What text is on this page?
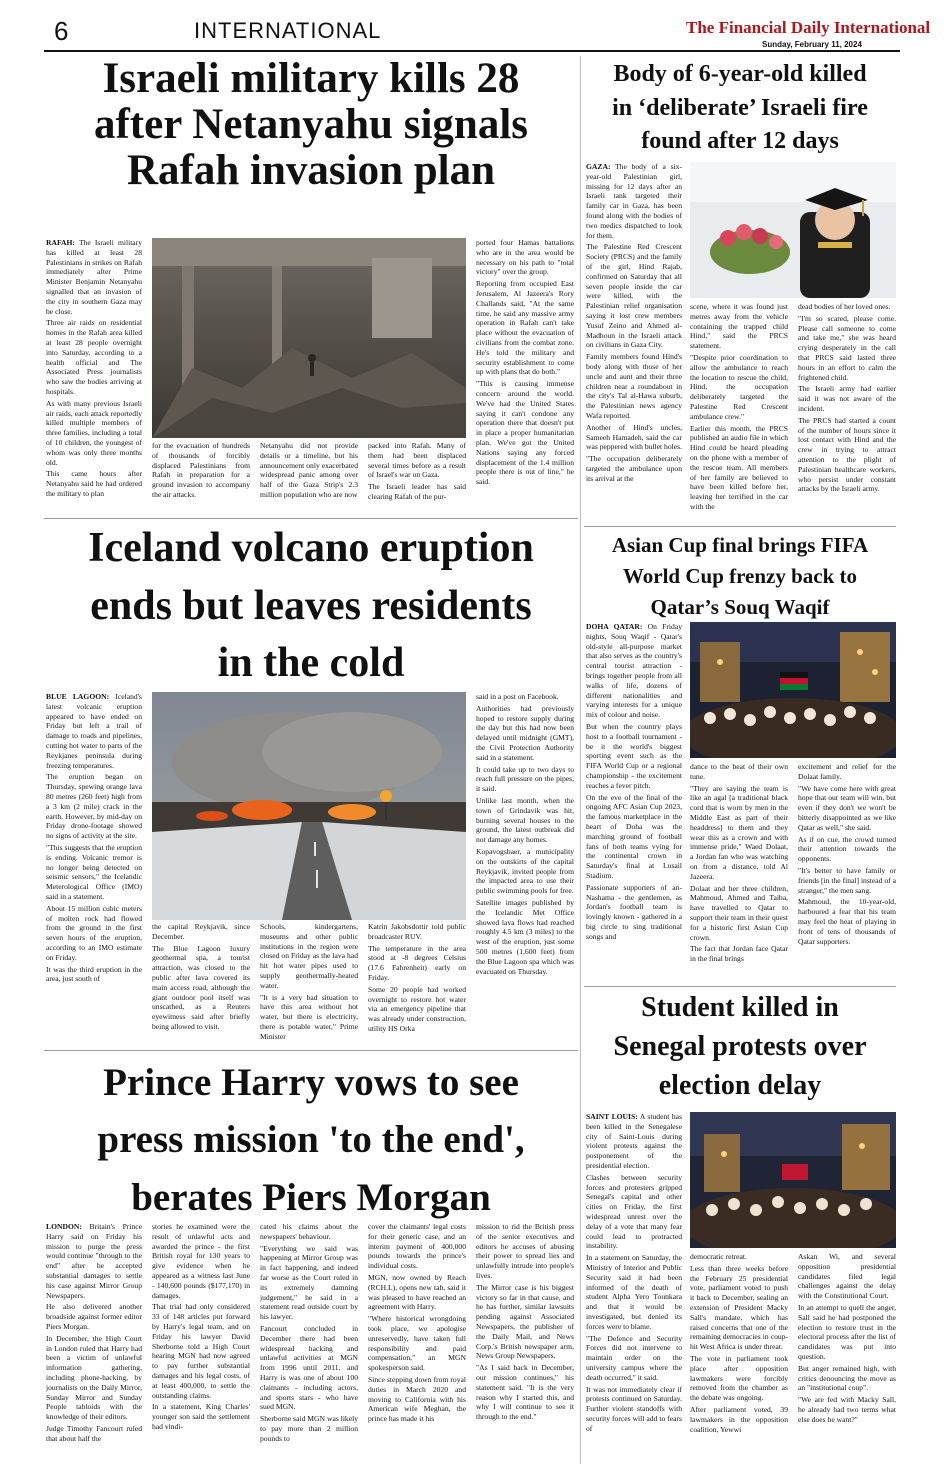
6	INTERNATIONAL	The Financial Daily International
Sunday, February 11, 2024
Israeli military kills 28
after Netanyahu signals
Rafah invasion plan

RAFAH: The Israeli military has killed at least 28 Palestinians in strikes on Rafah immediately after Prime Minister Benjamin Netanyahu signalled that an invasion of the city in southern Gaza may be close.

Three air raids on residential homes in the Rafah area killed at least 28 people overnight into Saturday, according to a health official and The Associated Press journalists who saw the bodies arriving at hospitals.

As with many previous Israeli air raids, each attack reportedly killed multiple members of three families, including a total of 10 children, the youngest of whom was only three months old.

This came hours after Netanyahu said he had ordered the military to plan

for the evacuation of hundreds of thousands of forcibly displaced Palestinians from Rafah in preparation for a ground invasion to accompany the air attacks.

Netanyahu did not provide details or a timeline, but his announcement only exacerbated widespread panic among over half of the Gaza Strip's 2.3 million population who are now

packed into Rafah. Many of them had been displaced several times before as a result of Israel's war on Gaza.

The Israeli leader has said clearing Rafah of the pur-

ported four Hamas battalions who are in the area would be necessary on his path to "total victory" over the group.

Reporting from occupied East Jerusalem, Al Jazeera's Rory Challands said, "At the same time, he said any massive army operation in Rafah can't take place without the evacuation of civilians from the combat zone. He's told the military and security establishment to come up with plans that do both."

"This is causing immense concern around the world. We've had the United States saying it can't condone any operation there that doesn't put in place a proper humanitarian plan. We've got the United Nations saying any forced displacement of the 1.4 million people there is out of line," he said.

Body of 6-year-old killed
in ‘deliberate’ Israeli fire
found after 12 days

GAZA: The body of a six-year-old Palestinian girl, missing for 12 days after an Israeli tank targeted their family car in Gaza, has been found along with the bodies of two medics dispatched to look for them.

The Palestine Red Crescent Society (PRCS) and the family of the girl, Hind Rajab, confirmed on Saturday that all seven people inside the car were killed, with the Palestinian relief organisation saying it lost crew members Yusuf Zeino and Ahmed al-Madhoun in the Israeli attack on civilians in Gaza City.

Family members found Hind's body along with those of her uncle and aunt and their three children near a roundabout in the city's Tal al-Hawa suburb, the Palestinian news agency Wafa reported.

Another of Hind's uncles, Sameeh Hamadeh, said the car was peppered with bullet holes.

"The occupation deliberately targeted the ambulance upon its arrival at the

scene, where it was found just metres away from the vehicle containing the trapped child Hind," said the PRCS statement.

"Despite prior coordination to allow the ambulance to reach the location to rescue the child, Hind, the occupation deliberately targeted the Palestine Red Crescent ambulance crew."

Earlier this month, the PRCS published an audio file in which Hind could be heard pleading on the phone with a member of the rescue team. All members of her family are believed to have been killed before her, leaving her terrified in the car with the

dead bodies of her loved ones.

"I'm so scared, please come. Please call someone to come and take me," she was heard crying desperately in the call that PRCS said lasted three hours in an effort to calm the frightened child.

The Israeli army had earlier said it was not aware of the incident.

The PRCS had started a count of the number of hours since it lost contact with Hind and the crew in trying to attract attention to the plight of Palestinian healthcare workers, who persist under constant attacks by the Israeli army.

Iceland volcano eruption
ends but leaves residents
in the cold

BLUE LAGOON: Iceland's latest volcanic eruption appeared to have ended on Friday but left a trail of damage to roads and pipelines, cutting hot water to parts of the Reykjanes peninsula during freezing temperatures.

The eruption began on Thursday, spewing orange lava 80 metres (260 feet) high from a 3 km (2 mile) crack in the earth. However, by mid-day on Friday drone-footage showed no signs of activity at the site.

"This suggests that the eruption is ending. Volcanic tremor is no longer being detected on seismic sensors," the Icelandic Meterological Office (IMO) said in a statement.

About 15 million cubic meters of molten rock had flowed from the ground in the first seven hours of the eruption, according to an IMO estimate on Friday.

It was the third eruption in the area, just south of

the capital Reykjavik, since December.

The Blue Lagoon luxury geothermal spa, a tourist attraction, was closed to the public after lava covered its main access road, although the giant outdoor pool itself was unscathed, as a Reuters eyewitness said after briefly being allowed to visit.

Schools, kindergartens, museums and other public institutions in the region were closed on Friday as the lava had hit hot water pipes used to supply geothermally-heated water.

"It is a very bad situation to have this area without hot water, but there is electricity, there is potable water," Prime Minister

Katrin Jakobsdottir told public broadcaster RUV.

The temperature in the area stood at -8 degrees Celsius (17.6 Fahrenheit) early on Friday.

Some 20 people had worked overnight to restore hot water via an emergency pipeline that was already under construction, utility HS Orka

said in a post on Facebook.

Authorities had previously hoped to restore supply during the day but this had now been delayed until midnight (GMT), the Civil Protection Authority said in a statement.

It could take up to two days to reach full pressure on the pipes, it said.

Unlike last month, when the town of Grindavik was hit, burning several houses to the ground, the latest outbreak did not damage any homes.

Kopavogsbaer, a municipality on the outskirts of the capital Reykjavik, invited people from the impacted area to use their public swimming pools for free.

Satellite images published by the Icelandic Met Office showed lava flows had reached roughly 4.5 km (3 miles) to the west of the eruption, just some 500 metres (1,600 feet) from the Blue Lagoon spa which was evacuated on Thursday.

Asian Cup final brings FIFA
World Cup frenzy back to
Qatar’s Souq Waqif

DOHA QATAR: On Friday nights, Souq Waqif - Qatar's old-style all-purpose market that also serves as the country's central tourist attraction - brings together people from all walks of life, dozens of different nationalities and varying interests for a unique mix of colour and noise.

But when the country plays host to a football tournament - be it the world's biggest sporting event such as the FIFA World Cup or a regional championship - the excitement reaches a fever pitch.

On the eve of the final of the ongoing AFC Asian Cup 2023, the famous marketplace in the heart of Doha was the marching ground of football fans of both teams vying for the continental crown in Saturday's final at Lusail Stadium.

Passionate supporters of an-Nashama - the gentlemen, as Jordan's football team is lovingly known - gathered in a big circle to sing traditional songs and

dance to the beat of their own tune.

"They are saying the team is like an agal [a traditional black cord that is worn by men in the Middle East as part of their headdress] to them and they wear this as a crown and with immense pride," Waed Dolaat, a Jordan fan who was watching on from a distance, told Al Jazeera.

Dolaat and her three children, Mahmoud, Ahmed and Taiba, have travelled to Qatar to support their team in their quest for a historic first Asian Cup crown.

The fact that Jordan face Qatar in the final brings

excitement and relief for the Dolaat family.

"We have come here with great hope that our team will win, but even if they don't we won't be bitterly disappointed as we like Qatar as well," she said.

As if on cue, the crowd turned their attention towards the opponents.

"It's better to have family or friends [in the final] instead of a stranger," the men sang.

Mahmoud, the 10-year-old, harboured a fear that his team may feel the heat of playing in front of tens of thousands of Qatar supporters.

Prince Harry vows to see
press mission 'to the end',
berates Piers Morgan

LONDON: Britain's Prince Harry said on Friday his mission to purge the press would continue "through to the end" after he accepted substantial damages to settle his case against Mirror Group Newspapers.

He also delivered another broadside against former editor Piers Morgan.

In December, the High Court in London ruled that Harry had been a victim of unlawful information gathering, including phone-hacking, by journalists on the Daily Mirror, Sunday Mirror and Sunday People tabloids with the knowledge of their editors.

Judge Timothy Fancourt ruled that about half the

stories he examined were the result of unlawful acts and awarded the prince - the first British royal for 130 years to give evidence when he appeared as a witness last June - 140,600 pounds ($177,170) in damages.

That trial had only considered 33 of 148 articles put forward by Harry's legal team, and on Friday his lawyer David Sherborne told a High Court hearing MGN had now agreed to pay further substantial damages and his legal costs, of at least 400,000, to settle the outstanding claims.

In a statement, King Charles' younger son said the settlement had vindi-

cated his claims about the newspapers' behaviour.

"Everything we said was happening at Mirror Group was in fact happening, and indeed far worse as the Court ruled in its extremely damning judgement," he said in a statement read outside court by his lawyer.

Fancourt concluded in December there had been widespread hacking and unlawful activities at MGN from 1996 until 2011, and Harry is was one of about 100 claimants - including actors, and sports stars - who have sued MGN.

Sherborne said MGN was likely to pay more than 2 million pounds to

cover the claimants' legal costs for their generic case, and an interim payment of 400,000 pounds towards the prince's individual costs.

MGN, now owned by Reach (RCH.L), opens new tab, said it was pleased to have reached an agreement with Harry.

"Where historical wrongdoing took place, we apologise unreservedly, have taken full responsibility and paid compensation," an MGN spokesperson said.

Since stepping down from royal duties in March 2020 and moving to California with his American wife Meghan, the prince has made it his

mission to rid the British press of the senior executives and editors he accuses of abusing their power to spread lies and unlawfully intrude into people's lives.

The Mirror case is his biggest victory so far in that cause, and he has further, similar lawsuits pending against Associated Newspapers, the publisher of the Daily Mail, and News Corp.'s British newspaper arm, News Group Newspapers.

"As I said back in December, our mission continues," his statement said. "It is the very reason why I started this, and why I will continue to see it through to the end."

Student killed in
Senegal protests over
election delay

SAINT LOUIS: A student has been killed in the Senegalese city of Saint-Louis during violent protests against the postponement of the presidential election.

Clashes between security forces and protesters gripped Senegal's capital and other cities on Friday, the first widespread unrest over the delay of a vote that many fear could lead to protracted instability.

In a statement on Saturday, the Ministry of Interior and Public Security said it had been informed of the death of student Alpha Yero Tounkara and that it would be investigated, but denied its forces were to blame.

"The Defence and Security Forces did not intervene to maintain order on the university campus where the death occurred," it said.

It was not immediately clear if protests continued on Saturday. Further violent standoffs with security forces will add to fears of

democratic retreat.

Less than three weeks before the February 25 presidential vote, parliament voted to push it back to December, sealing an extension of President Macky Sall's mandate, which has raised concerns that one of the remaining democracies in coup-hit West Africa is under threat.

The vote in parliament took place after opposition lawmakers were forcibly removed from the chamber as the debate was ongoing.

After parliament voted, 39 lawmakers in the opposition coalition, Yewwi

Askan Wi, and several opposition presidential candidates filed legal challenges against the delay with the Constitutional Court.

In an attempt to quell the anger, Sall said he had postponed the election to restore trust in the electoral process after the list of candidates was put into question.

But anger remained high, with critics denouncing the move as an "institutional coup".

"We are fed with Macky Sall, he already had two terms what else does he want?"
